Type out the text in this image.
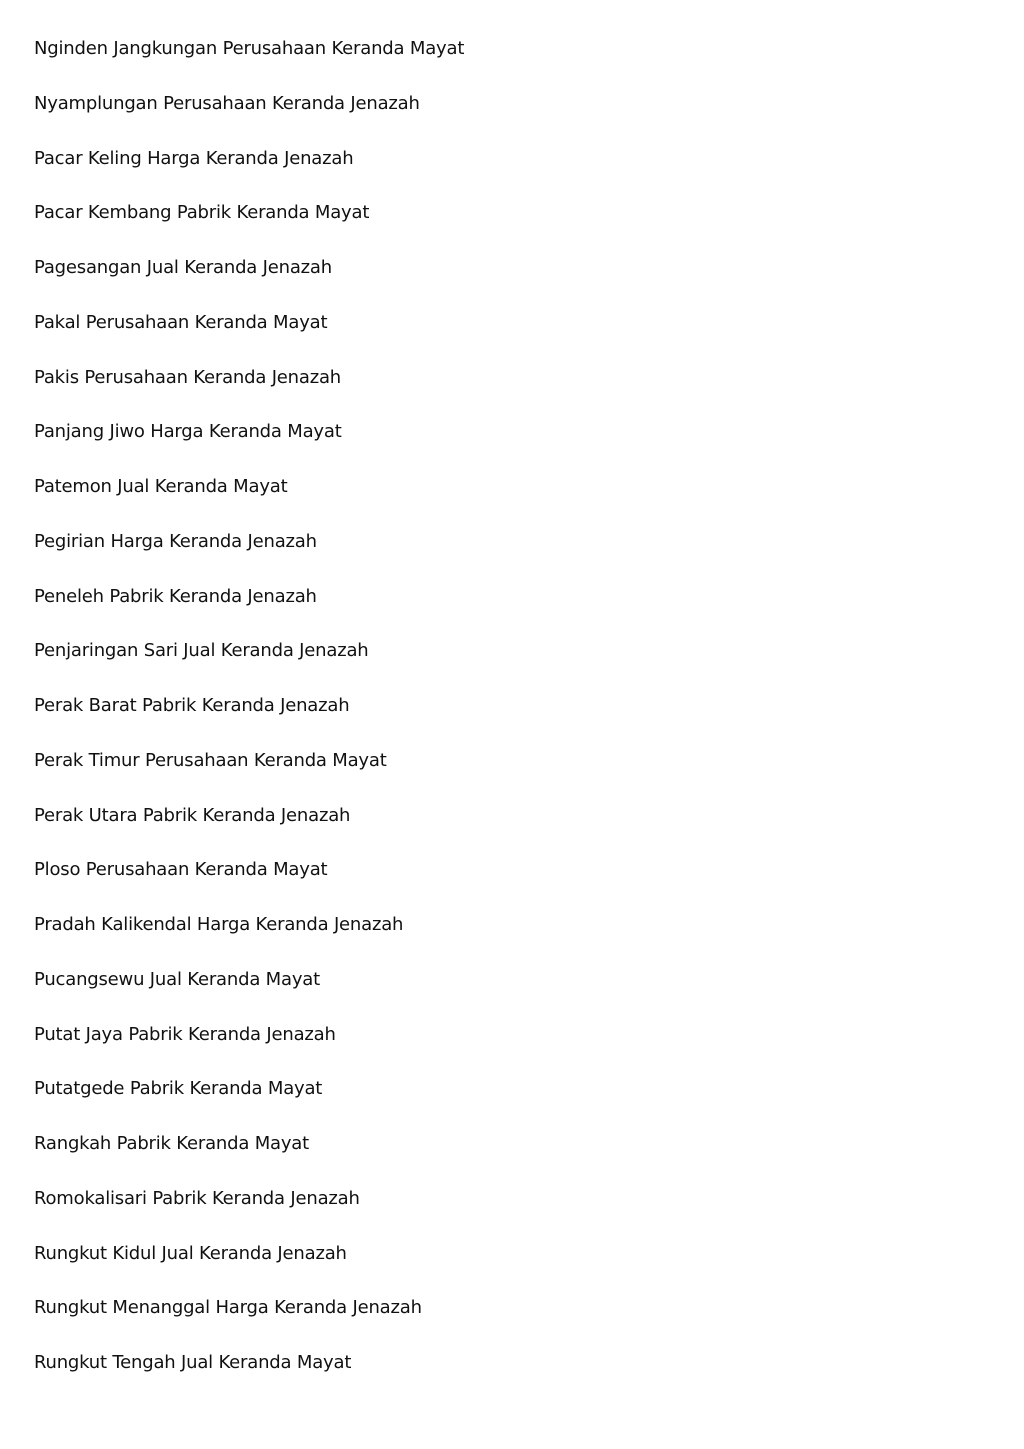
Nginden Jangkungan Perusahaan Keranda Mayat
Nyamplungan Perusahaan Keranda Jenazah
Pacar Keling Harga Keranda Jenazah
Pacar Kembang Pabrik Keranda Mayat
Pagesangan Jual Keranda Jenazah
Pakal Perusahaan Keranda Mayat
Pakis Perusahaan Keranda Jenazah
Panjang Jiwo Harga Keranda Mayat
Patemon Jual Keranda Mayat
Pegirian Harga Keranda Jenazah
Peneleh Pabrik Keranda Jenazah
Penjaringan Sari Jual Keranda Jenazah
Perak Barat Pabrik Keranda Jenazah
Perak Timur Perusahaan Keranda Mayat
Perak Utara Pabrik Keranda Jenazah
Ploso Perusahaan Keranda Mayat
Pradah Kalikendal Harga Keranda Jenazah
Pucangsewu Jual Keranda Mayat
Putat Jaya Pabrik Keranda Jenazah
Putatgede Pabrik Keranda Mayat
Rangkah Pabrik Keranda Mayat
Romokalisari Pabrik Keranda Jenazah
Rungkut Kidul Jual Keranda Jenazah
Rungkut Menanggal Harga Keranda Jenazah
Rungkut Tengah Jual Keranda Mayat
